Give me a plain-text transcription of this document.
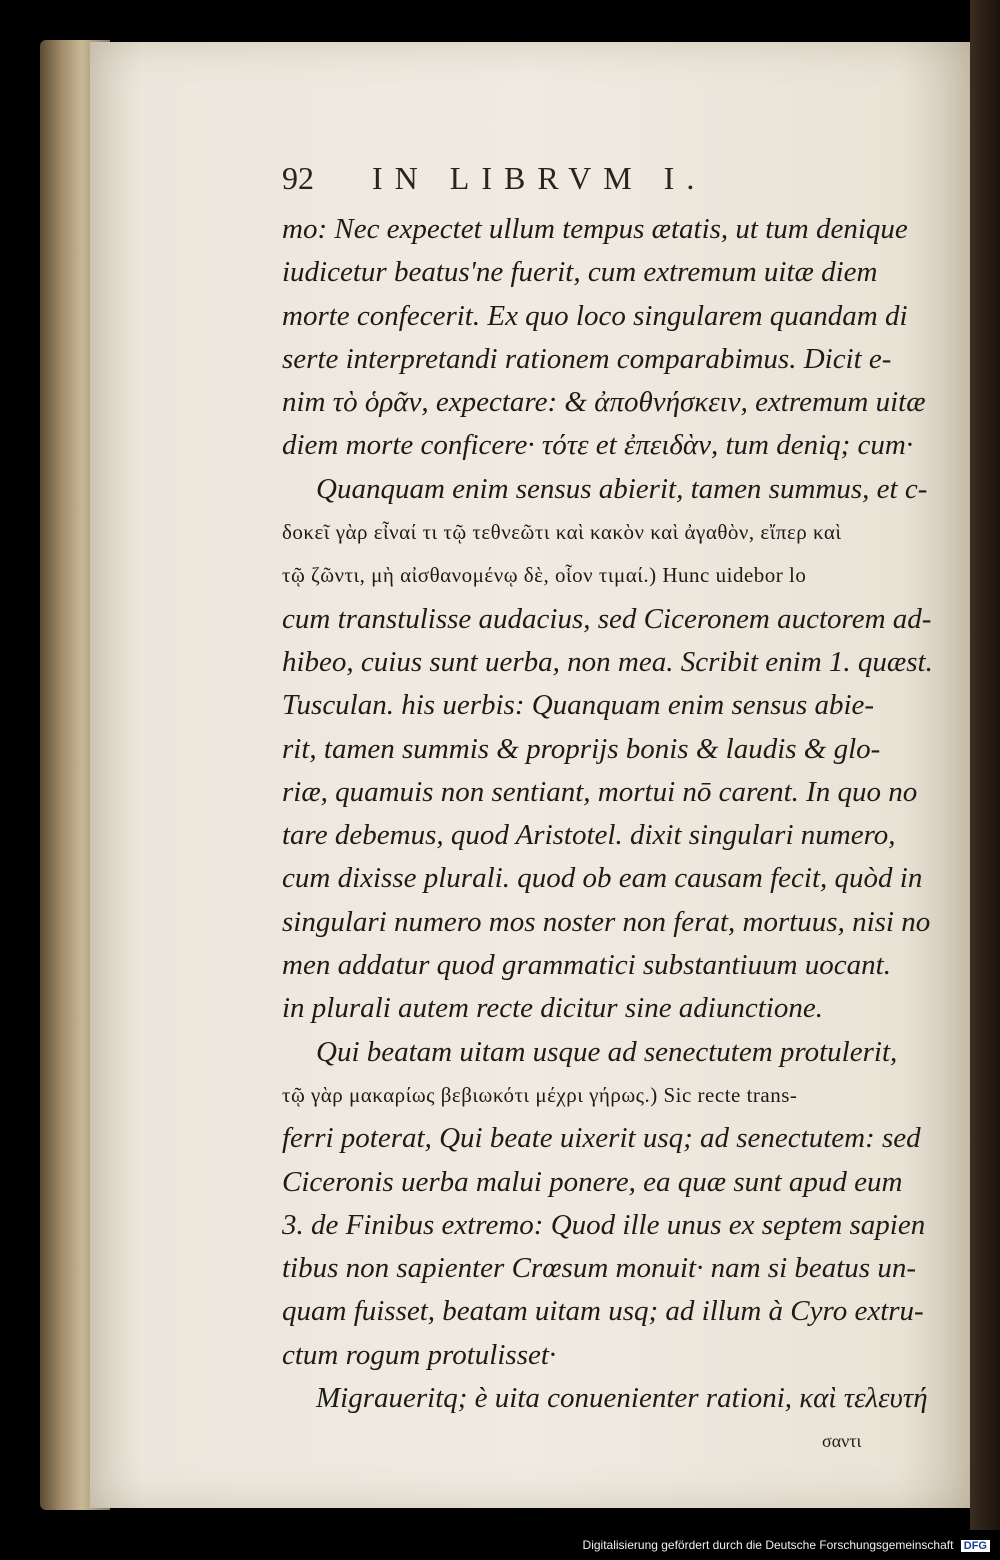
92	IN LIBRVM I.
mo: Nec expectet ullum tempus ætatis, ut tum denique
iudicetur beatus'ne fuerit, cum extremum uitæ diem
morte confecerit. Ex quo loco singularem quandam di
serte interpretandi rationem comparabimus. Dicit e-
nim τὸ ὁρᾶν, expectare: & ἀποθνήσκειν, extremum uitæ
diem morte conficere· τότε et ἐπειδὰν, tum deniq; cum·
Quanquam enim sensus abierit, tamen summus, et c-
δοκεῖ γὰρ εἶναί τι τῷ τεθνεῶτι καὶ κακὸν καὶ ἀγαθὸν, εἴπερ καὶ
τῷ ζῶντι, μὴ αἰσθανομένῳ δὲ, οἷον τιμαί.) Hunc uidebor lo
cum transtulisse audacius, sed Ciceronem auctorem ad-
hibeo, cuius sunt uerba, non mea. Scribit enim 1. quæst.
Tusculan. his uerbis: Quanquam enim sensus abie-
rit, tamen summis & proprijs bonis & laudis & glo-
riæ, quamuis non sentiant, mortui nō carent. In quo no
tare debemus, quod Aristotel. dixit singulari numero,
cum dixisse plurali. quod ob eam causam fecit, quòd in
singulari numero mos noster non ferat, mortuus, nisi no
men addatur quod grammatici substantiuum uocant.
in plurali autem recte dicitur sine adiunctione.
Qui beatam uitam usque ad senectutem protulerit,
τῷ γὰρ μακαρίως βεβιωκότι μέχρι γήρως.) Sic recte trans-
ferri poterat, Qui beate uixerit usq; ad senectutem: sed
Ciceronis uerba malui ponere, ea quæ sunt apud eum
3. de Finibus extremo: Quod ille unus ex septem sapien
tibus non sapienter Crœsum monuit· nam si beatus un-
quam fuisset, beatam uitam usq; ad illum à Cyro extru-
ctum rogum protulisset·
Migraueritq; è uita conuenienter rationi, καὶ τελευτή
σαντι
Digitalisierung gefördert durch die Deutsche Forschungsgemeinschaft DFG
